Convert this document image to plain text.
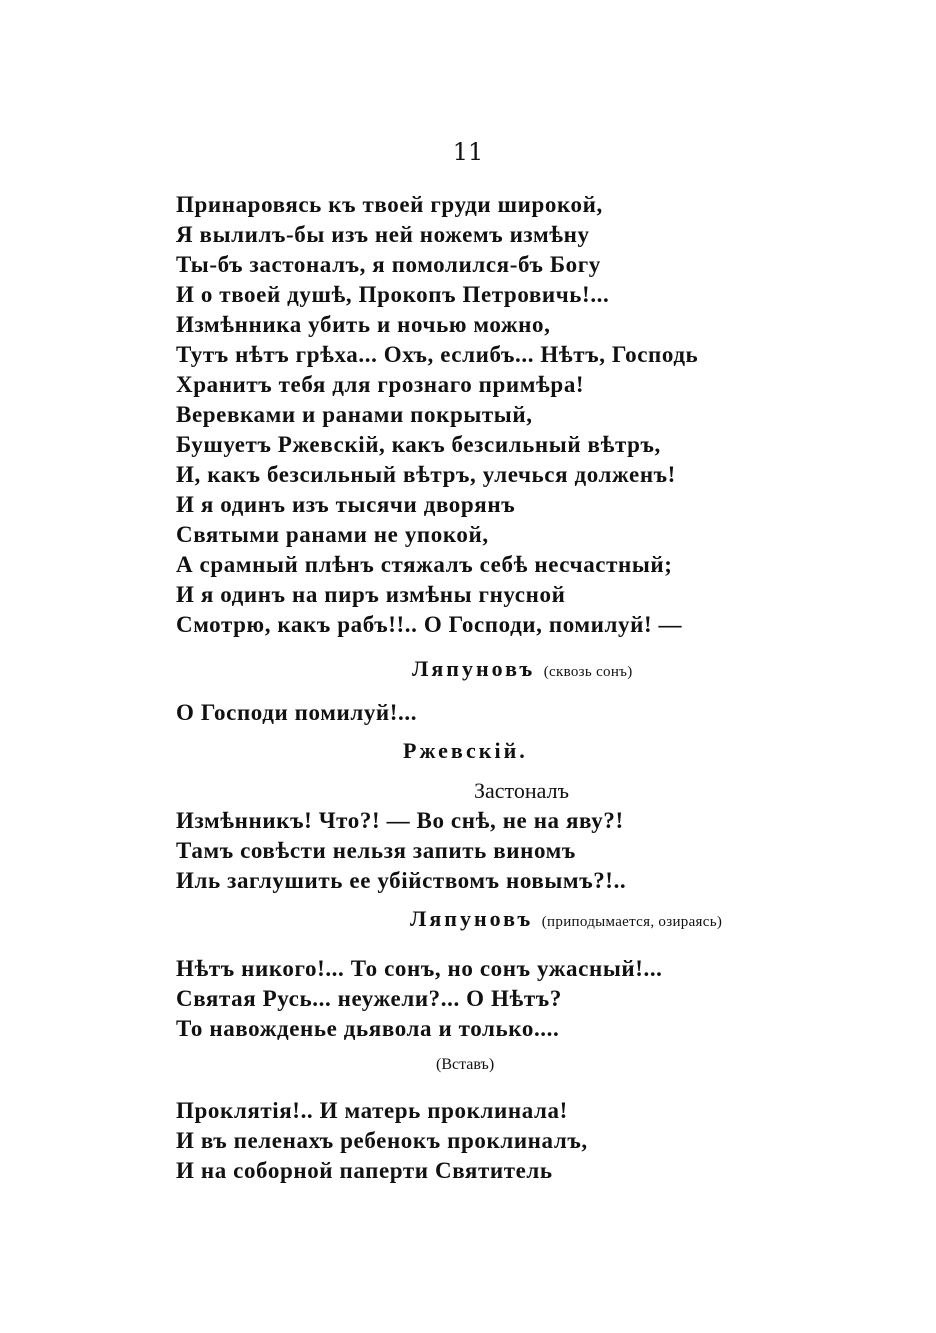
11
Принаровясь къ твоей груди широкой,
Я вылилъ-бы изъ ней ножемъ измѣну
Ты-бъ застоналъ, я помолился-бъ Богу
И о твоей душѣ, Прокопъ Петровичь!...
Измѣнника убить и ночью можно,
Тутъ нѣтъ грѣха... Охъ, еслибъ... Нѣтъ, Господь
Хранитъ тебя для грознаго примѣра!
Веревками и ранами покрытый,
Бушуетъ Ржевскій, какъ безсильный вѣтръ,
И, какъ безсильный вѣтръ, улечься долженъ!
И я одинъ изъ тысячи дворянъ
Святыми ранами не упокой,
А срамный плѣнъ стяжалъ себѣ несчастный;
И я одинъ на пиръ измѣны гнусной
Смотрю, какъ рабъ!!.. О Господи, помилуй! —
Ляпуновъ (сквозь сонъ)
О Господи помилуй!...
Ржевскій.
Застоналъ
Измѣнникъ! Что?! — Во снѣ, не на яву?!
Тамъ совѣсти нельзя запить виномъ
Иль заглушить ее убійствомъ новымъ?!..
Ляпуновъ (приподымается, озираясь)
Нѣтъ никого!... То сонъ, но сонъ ужасный!...
Святая Русь... неужели?... О Нѣтъ?
То навожденье дьявола и только....
(Вставъ)
Проклятія!.. И матерь проклинала!
И въ пеленахъ ребенокъ проклиналъ,
И на соборной паперти Святитель
